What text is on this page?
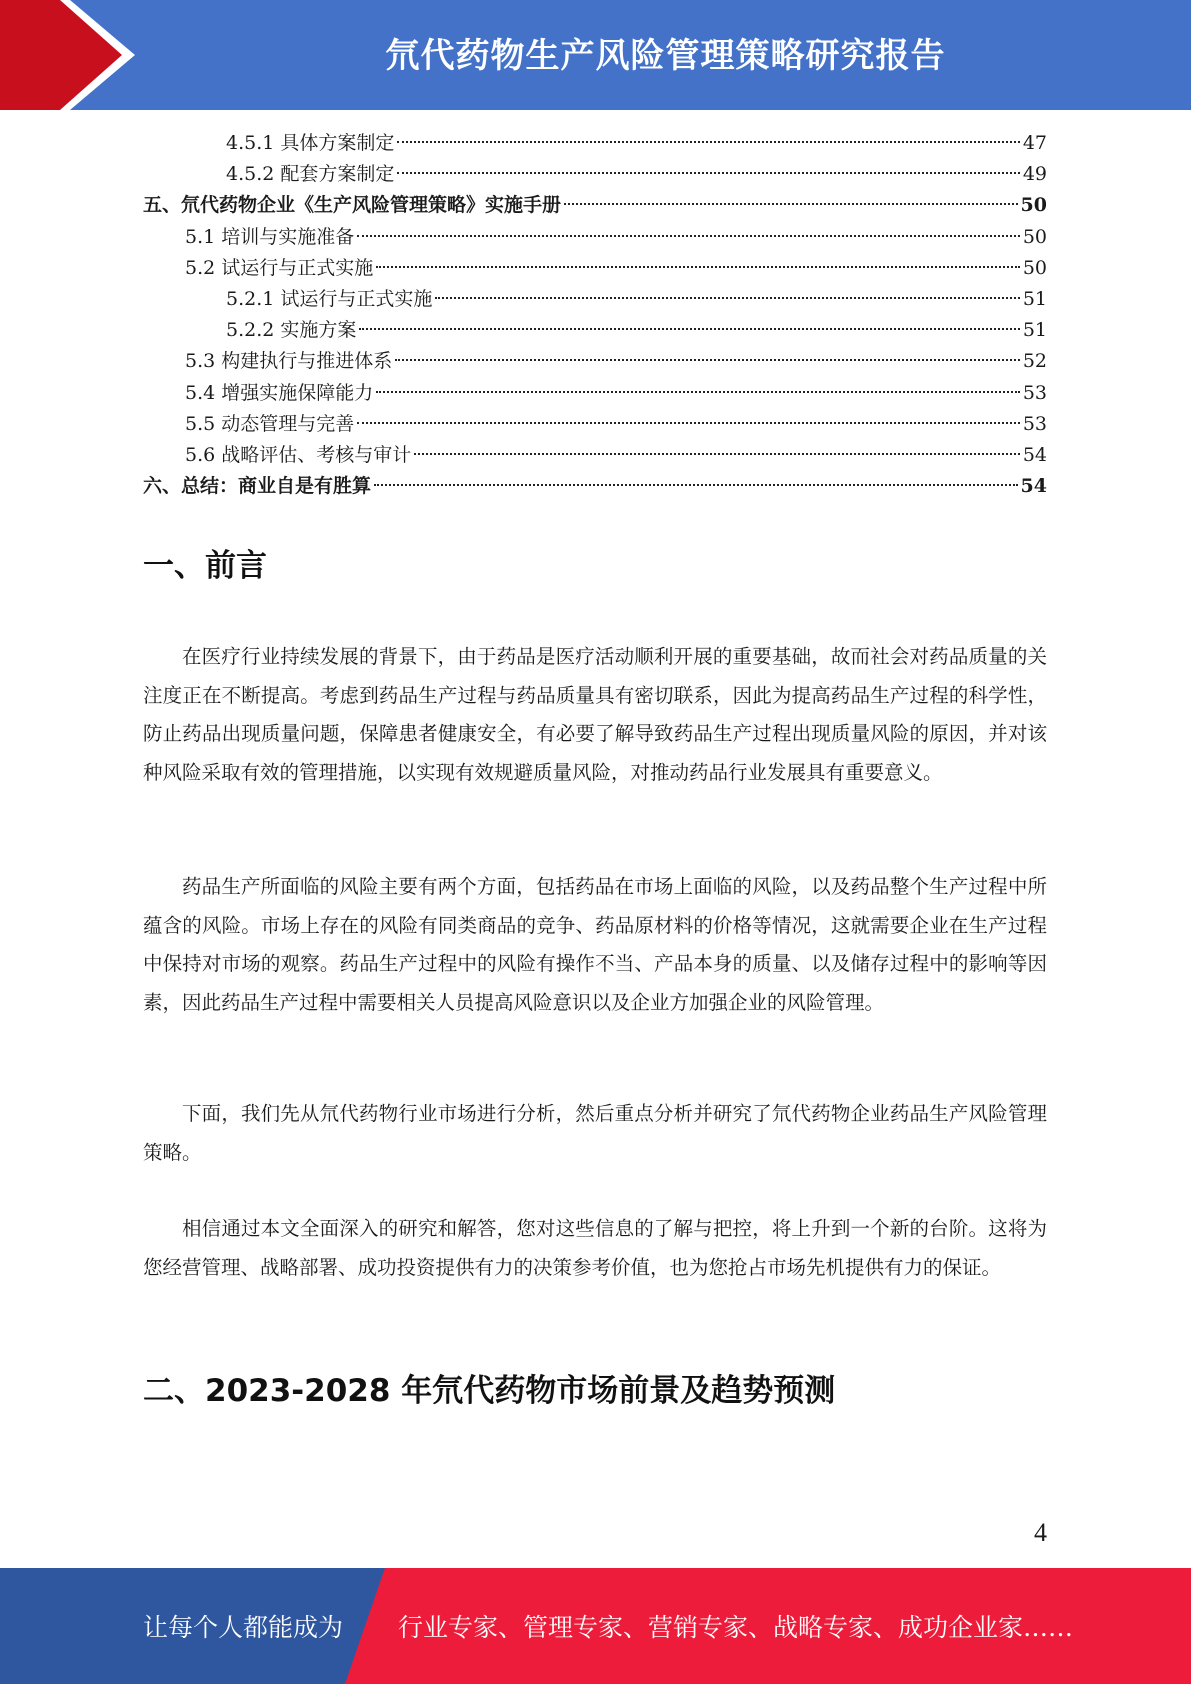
氘代药物生产风险管理策略研究报告
4.5.1 具体方案制定	47
4.5.2 配套方案制定	49
五、氘代药物企业《生产风险管理策略》实施手册	50
5.1 培训与实施准备	50
5.2 试运行与正式实施	50
5.2.1 试运行与正式实施	51
5.2.2 实施方案	51
5.3 构建执行与推进体系	52
5.4 增强实施保障能力	53
5.5 动态管理与完善	53
5.6 战略评估、考核与审计	54
六、总结：商业自是有胜算	54
一、前言

在医疗行业持续发展的背景下，由于药品是医疗活动顺利开展的重要基础，故而社会对药品质量的关注度正在不断提高。考虑到药品生产过程与药品质量具有密切联系，因此为提高药品生产过程的科学性，防止药品出现质量问题，保障患者健康安全，有必要了解导致药品生产过程出现质量风险的原因，并对该种风险采取有效的管理措施，以实现有效规避质量风险，对推动药品行业发展具有重要意义。

药品生产所面临的风险主要有两个方面，包括药品在市场上面临的风险，以及药品整个生产过程中所蕴含的风险。市场上存在的风险有同类商品的竞争、药品原材料的价格等情况，这就需要企业在生产过程中保持对市场的观察。药品生产过程中的风险有操作不当、产品本身的质量、以及储存过程中的影响等因素，因此药品生产过程中需要相关人员提高风险意识以及企业方加强企业的风险管理。

下面，我们先从氘代药物行业市场进行分析，然后重点分析并研究了氘代药物企业药品生产风险管理策略。

相信通过本文全面深入的研究和解答，您对这些信息的了解与把控，将上升到一个新的台阶。这将为您经营管理、战略部署、成功投资提供有力的决策参考价值，也为您抢占市场先机提供有力的保证。

二、2023-2028 年氘代药物市场前景及趋势预测
4
让每个人都能成为 行业专家、管理专家、营销专家、战略专家、成功企业家……
